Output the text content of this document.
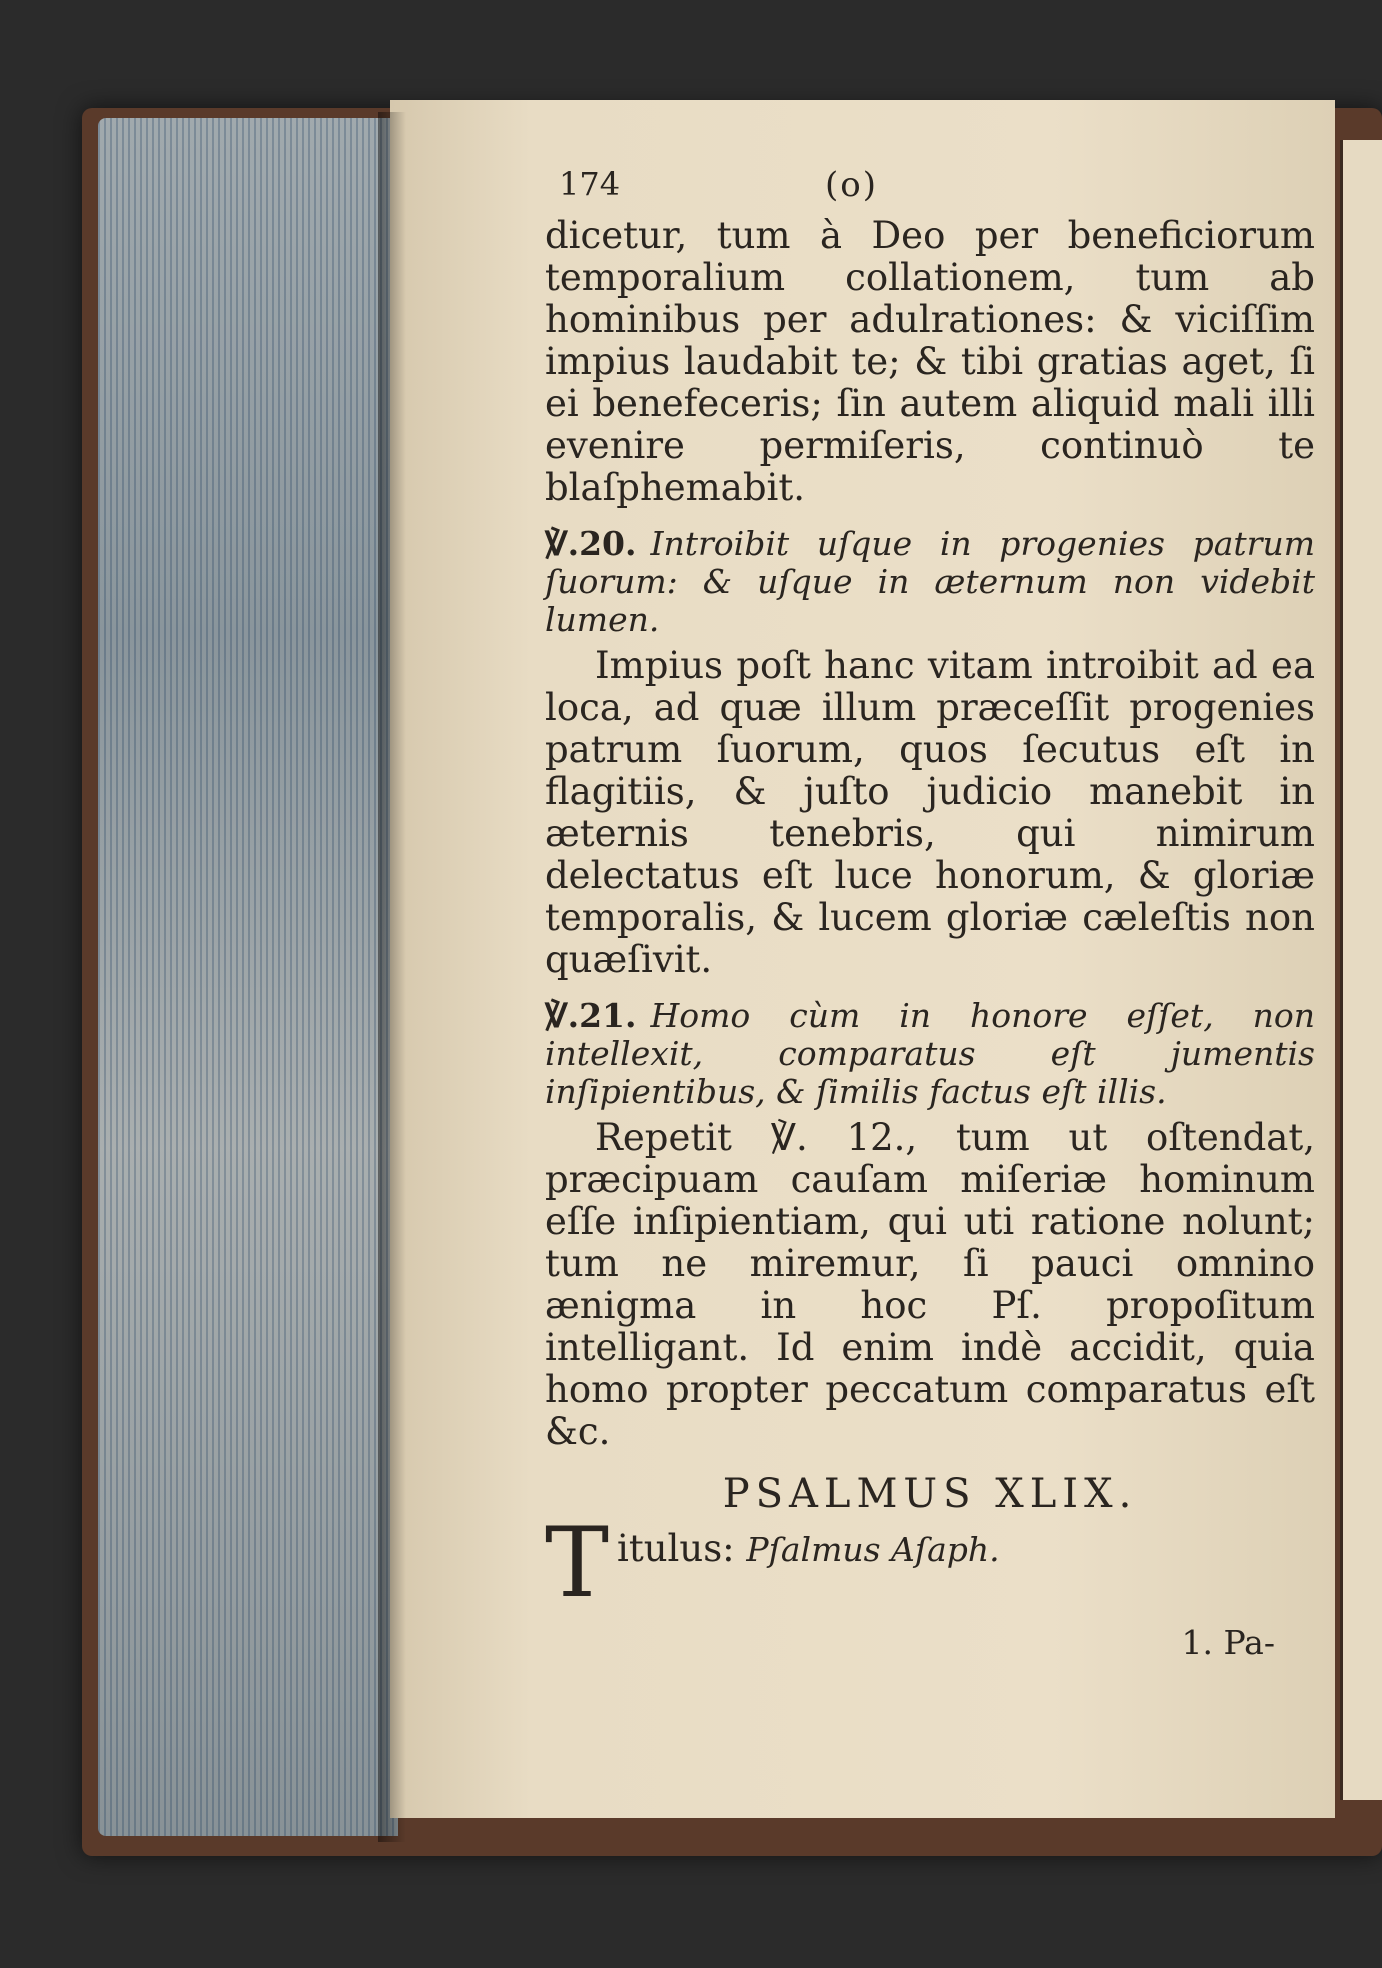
174	(o)

dicetur, tum à Deo per beneficiorum temporalium collationem, tum ab hominibus per adulrationes: & viciſſim impius laudabit te; & tibi gratias aget, ſi ei benefeceris; ſin autem aliquid mali illi evenire permiſeris, continuò te blaſphemabit.

℣.20. Introibit uſque in progenies patrum ſuorum: & uſque in æternum non videbit lumen.

Impius poſt hanc vitam introibit ad ea loca, ad quæ illum præceſſit progenies patrum ſuorum, quos ſecutus eſt in flagitiis, & juſto judicio manebit in æternis tenebris, qui nimirum delectatus eſt luce honorum, & gloriæ temporalis, & lucem gloriæ cæleſtis non quæſivit.

℣.21. Homo cùm in honore eſſet, non intellexit, comparatus eſt jumentis inſipientibus, & ſimilis factus eſt illis.

Repetit ℣. 12., tum ut oſtendat, præcipuam cauſam miſeriæ hominum eſſe inſipientiam, qui uti ratione nolunt; tum ne miremur, ſi pauci omnino ænigma in hoc Pſ. propoſitum intelligant. Id enim indè accidit, quia homo propter peccatum comparatus eſt &c.

PSALMUS XLIX.
T itulus: Pſalmus Aſaph.
1. Pa-
